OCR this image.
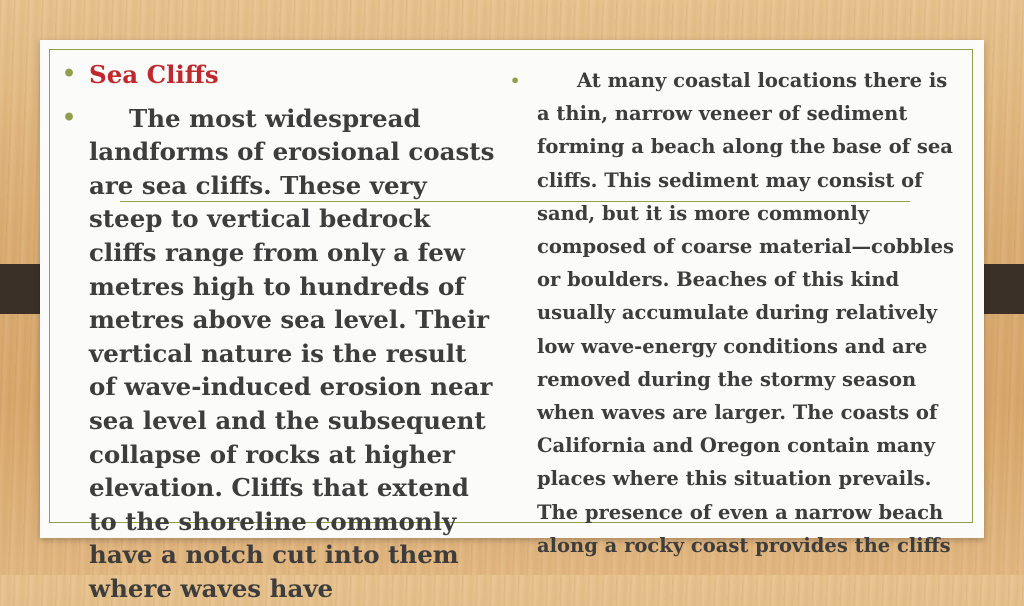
• Sea Cliffs

• The most widespread landforms of erosional coasts are sea cliffs. These very steep to vertical bedrock cliffs range from only a few metres high to hundreds of metres above sea level. Their vertical nature is the result of wave-induced erosion near sea level and the subsequent collapse of rocks at higher elevation. Cliffs that extend to the shoreline commonly have a notch cut into them where waves have

•	At many coastal locations there is a thin, narrow veneer of sediment forming a beach along the base of sea cliffs. This sediment may consist of sand, but it is more commonly composed of coarse material—cobbles or boulders. Beaches of this kind usually accumulate during relatively low wave-energy conditions and are removed during the stormy season when waves are larger. The coasts of California and Oregon contain many places where this situation prevails. The presence of even a narrow beach along a rocky coast provides the cliffs
